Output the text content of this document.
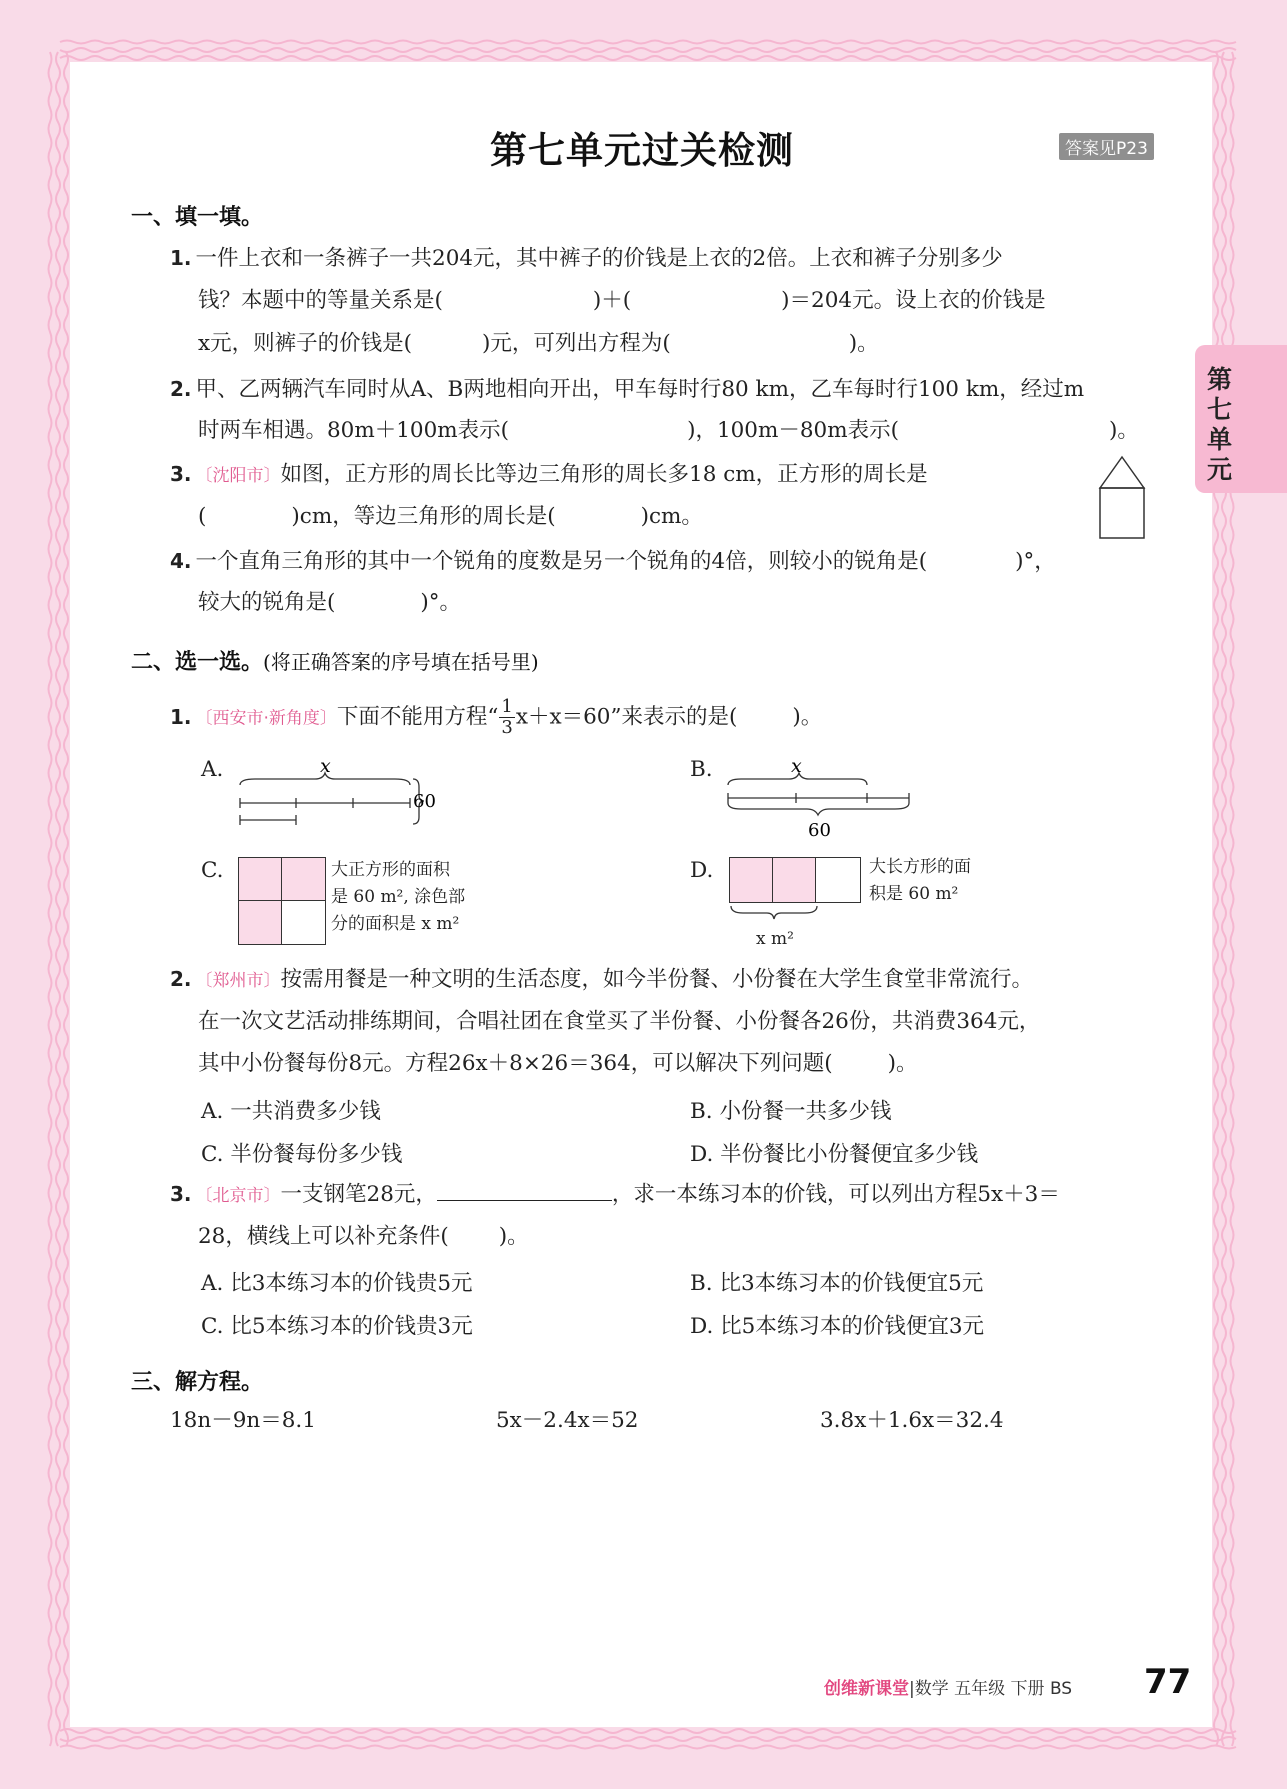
第七单元过关检测	答案见P23
第七单元
一、填一填。
1. 一件上衣和一条裤子一共204元，其中裤子的价钱是上衣的2倍。上衣和裤子分别多少
钱？本题中的等量关系是(	)＋(	)＝204元。设上衣的价钱是
x元，则裤子的价钱是(	)元，可列出方程为(	)。
2. 甲、乙两辆汽车同时从A、B两地相向开出，甲车每时行80 km，乙车每时行100 km，经过m
时两车相遇。80m＋100m表示(	)，100m－80m表示(	)。
3. 〔沈阳市〕如图，正方形的周长比等边三角形的周长多18 cm，正方形的周长是
(	)cm，等边三角形的周长是(	)cm。
4. 一个直角三角形的其中一个锐角的度数是另一个锐角的4倍，则较小的锐角是(	)°，
较大的锐角是(	)°。
二、选一选。(将正确答案的序号填在括号里)
1. 〔西安市·新角度〕下面不能用方程“ $\frac{1}{3} x+x=60$”来表示的是(	)。
A.	x
60
B.	x
60
C.	大正方形的面积
是 60 m², 涂色部
分的面积是 x m²
D.
x m²
大长方形的面
积是 60 m²
2. 〔郑州市〕按需用餐是一种文明的生活态度，如今半份餐、小份餐在大学生食堂非常流行。
在一次文艺活动排练期间，合唱社团在食堂买了半份餐、小份餐各26份，共消费364元，
其中小份餐每份8元。方程26x＋8×26＝364，可以解决下列问题(	)。
A. 一共消费多少钱	B. 小份餐一共多少钱
C. 半份餐每份多少钱	D. 半份餐比小份餐便宜多少钱
3. 〔北京市〕一支钢笔28元，	，求一本练习本的价钱，可以列出方程5x＋3＝
28，横线上可以补充条件( )。
A. 比3本练习本的价钱贵5元	B. 比3本练习本的价钱便宜5元
C. 比5本练习本的价钱贵3元	D. 比5本练习本的价钱便宜3元
三、解方程。
18n－9n＝8.1	5x－2.4x＝52	3.8x＋1.6x＝32.4
创维新课堂|数学 五年级 下册 BS 77
